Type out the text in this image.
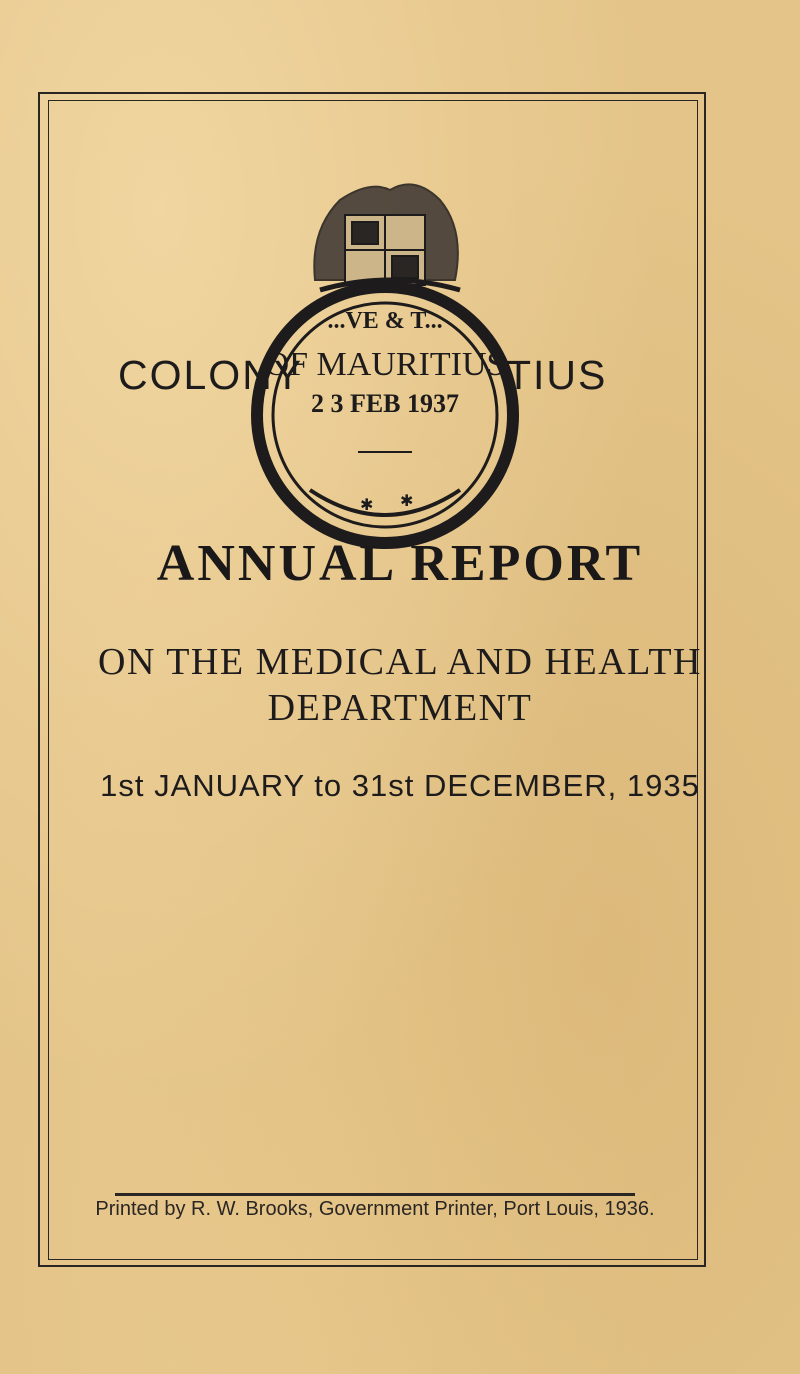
COLONY	TIUS
...VE & T...
OF MAURITIUS
2 3 FEB 1937
✱ ✱
ANNUAL REPORT
ON THE MEDICAL AND HEALTH
DEPARTMENT
1st JANUARY to 31st DECEMBER, 1935
Printed by R. W. Brooks, Government Printer, Port Louis, 1936.
